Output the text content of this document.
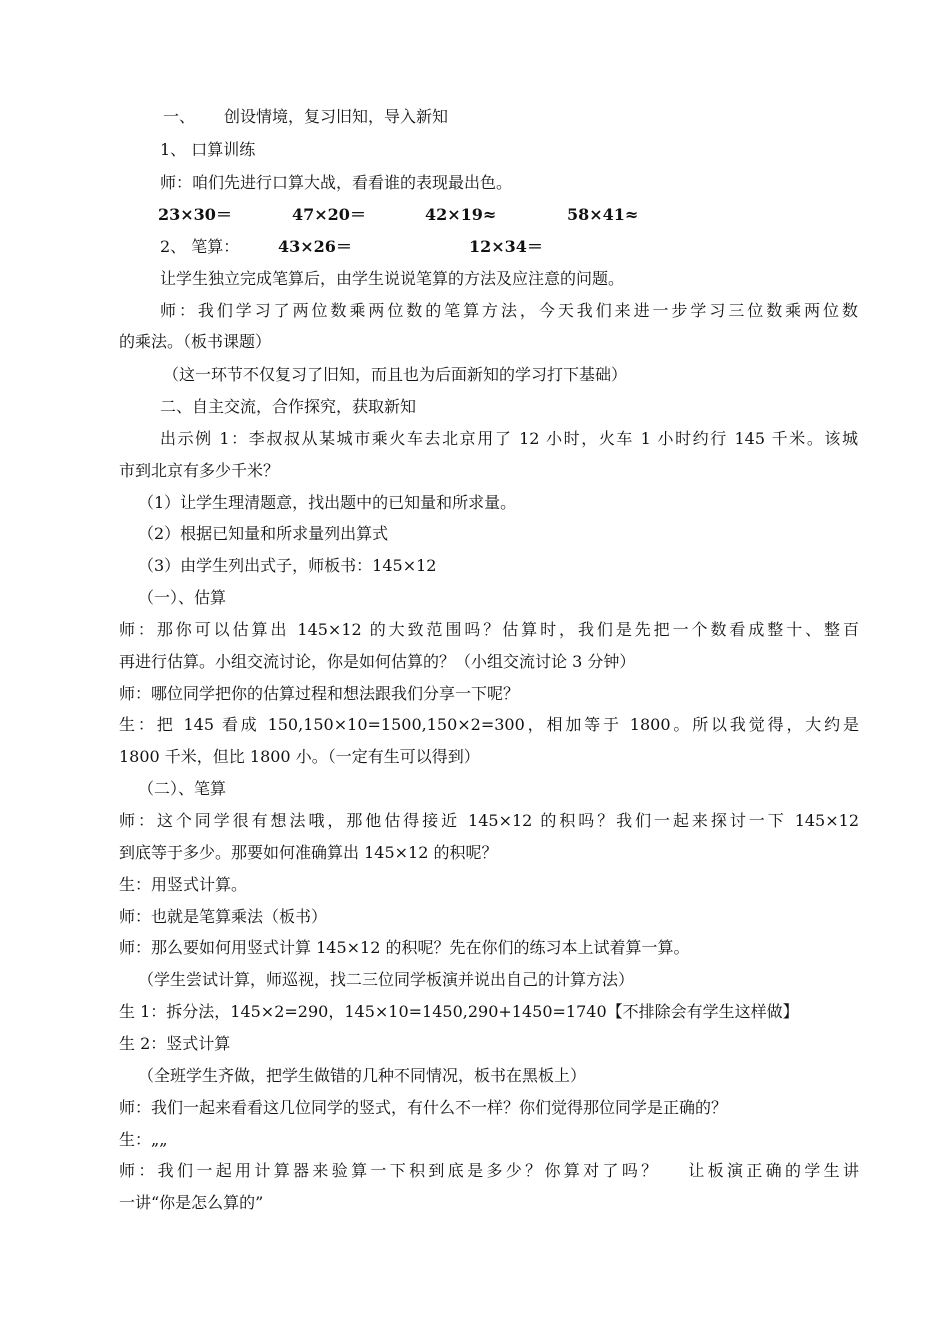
一、 创设情境，复习旧知，导入新知
1、 口算训练
师：咱们先进行口算大战，看看谁的表现最出色。
23×30＝	47×20＝	42×19≈	58×41≈
2、 笔算： 43×26＝	12×34＝
让学生独立完成笔算后，由学生说说笔算的方法及应注意的问题。
师：我们学习了两位数乘两位数的笔算方法，今天我们来进一步学习三位数乘两位数
的乘法。（板书课题）
（这一环节不仅复习了旧知，而且也为后面新知的学习打下基础）
二、自主交流，合作探究，获取新知
出示例 1：李叔叔从某城市乘火车去北京用了 12 小时，火车 1 小时约行 145 千米。该城
市到北京有多少千米？
（1）让学生理清题意，找出题中的已知量和所求量。
（2）根据已知量和所求量列出算式
（3）由学生列出式子，师板书：145×12
（一）、估算
师：那你可以估算出 145×12 的大致范围吗？估算时，我们是先把一个数看成整十、整百
再进行估算。小组交流讨论，你是如何估算的？（小组交流讨论 3 分钟）
师：哪位同学把你的估算过程和想法跟我们分享一下呢？
生：把 145 看成 150,150×10=1500,150×2=300，相加等于 1800。所以我觉得，大约是
1800 千米，但比 1800 小。（一定有生可以得到）
（二）、笔算
师：这个同学很有想法哦，那他估得接近 145×12 的积吗？我们一起来探讨一下 145×12
到底等于多少。那要如何准确算出 145×12 的积呢？
生：用竖式计算。
师：也就是笔算乘法（板书）
师：那么要如何用竖式计算 145×12 的积呢？先在你们的练习本上试着算一算。
（学生尝试计算，师巡视，找二三位同学板演并说出自己的计算方法）
生 1：拆分法，145×2=290，145×10=1450,290+1450=1740【不排除会有学生这样做】
生 2：竖式计算
（全班学生齐做，把学生做错的几种不同情况，板书在黑板上）
师：我们一起来看看这几位同学的竖式，有什么不一样？你们觉得那位同学是正确的？
生：„„
师：我们一起用计算器来验算一下积到底是多少？你算对了吗？　 让板演正确的学生讲
一讲“你是怎么算的”
